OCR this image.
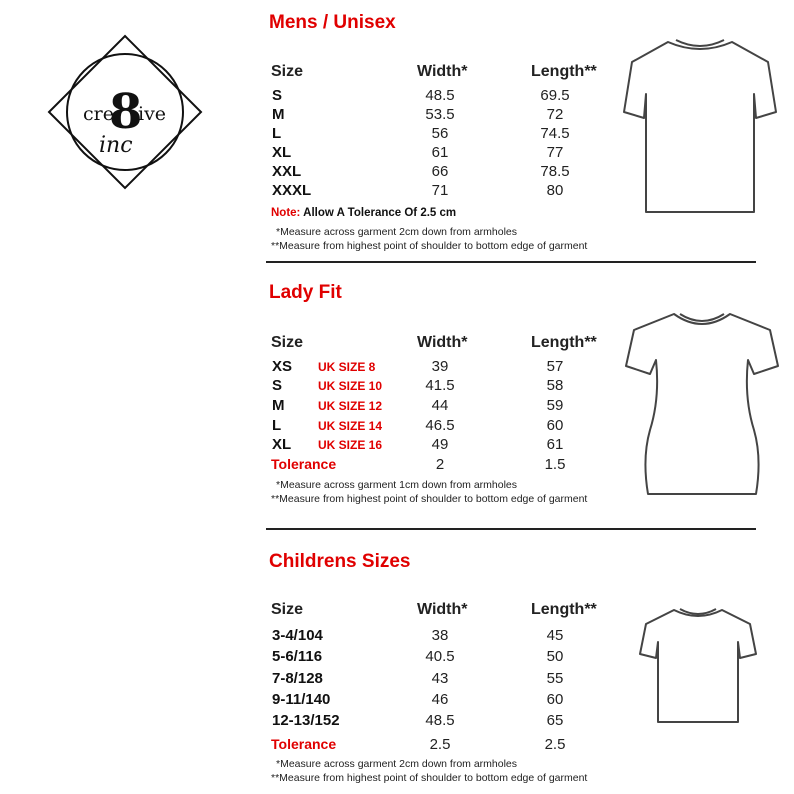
cre
8
ive
inc
Mens / Unisex
Size	Width*	Length**
S	48.5	69.5
M	53.5	72
L	56	74.5
XL	61	77
XXL	66	78.5
XXXL	71	80
Note: Allow A Tolerance Of 2.5 cm
*Measure across garment 2cm down from armholes
**Measure from highest point of shoulder to bottom edge of garment
Lady Fit
Size	Width*	Length**
XS UK SIZE 8	39	57
S	UK SIZE 10	41.5	58
M	UK SIZE 12	44	59
L	UK SIZE 14	46.5	60
XL UK SIZE 16	49	61
Tolerance	2	1.5
*Measure across garment 1cm down from armholes
**Measure from highest point of shoulder to bottom edge of garment
Childrens Sizes
Size	Width*	Length**
3-4/104	38	45
5-6/116	40.5	50
7-8/128	43	55
9-11/140	46	60
12-13/152	48.5	65
Tolerance	2.5	2.5
*Measure across garment 2cm down from armholes
**Measure from highest point of shoulder to bottom edge of garment
